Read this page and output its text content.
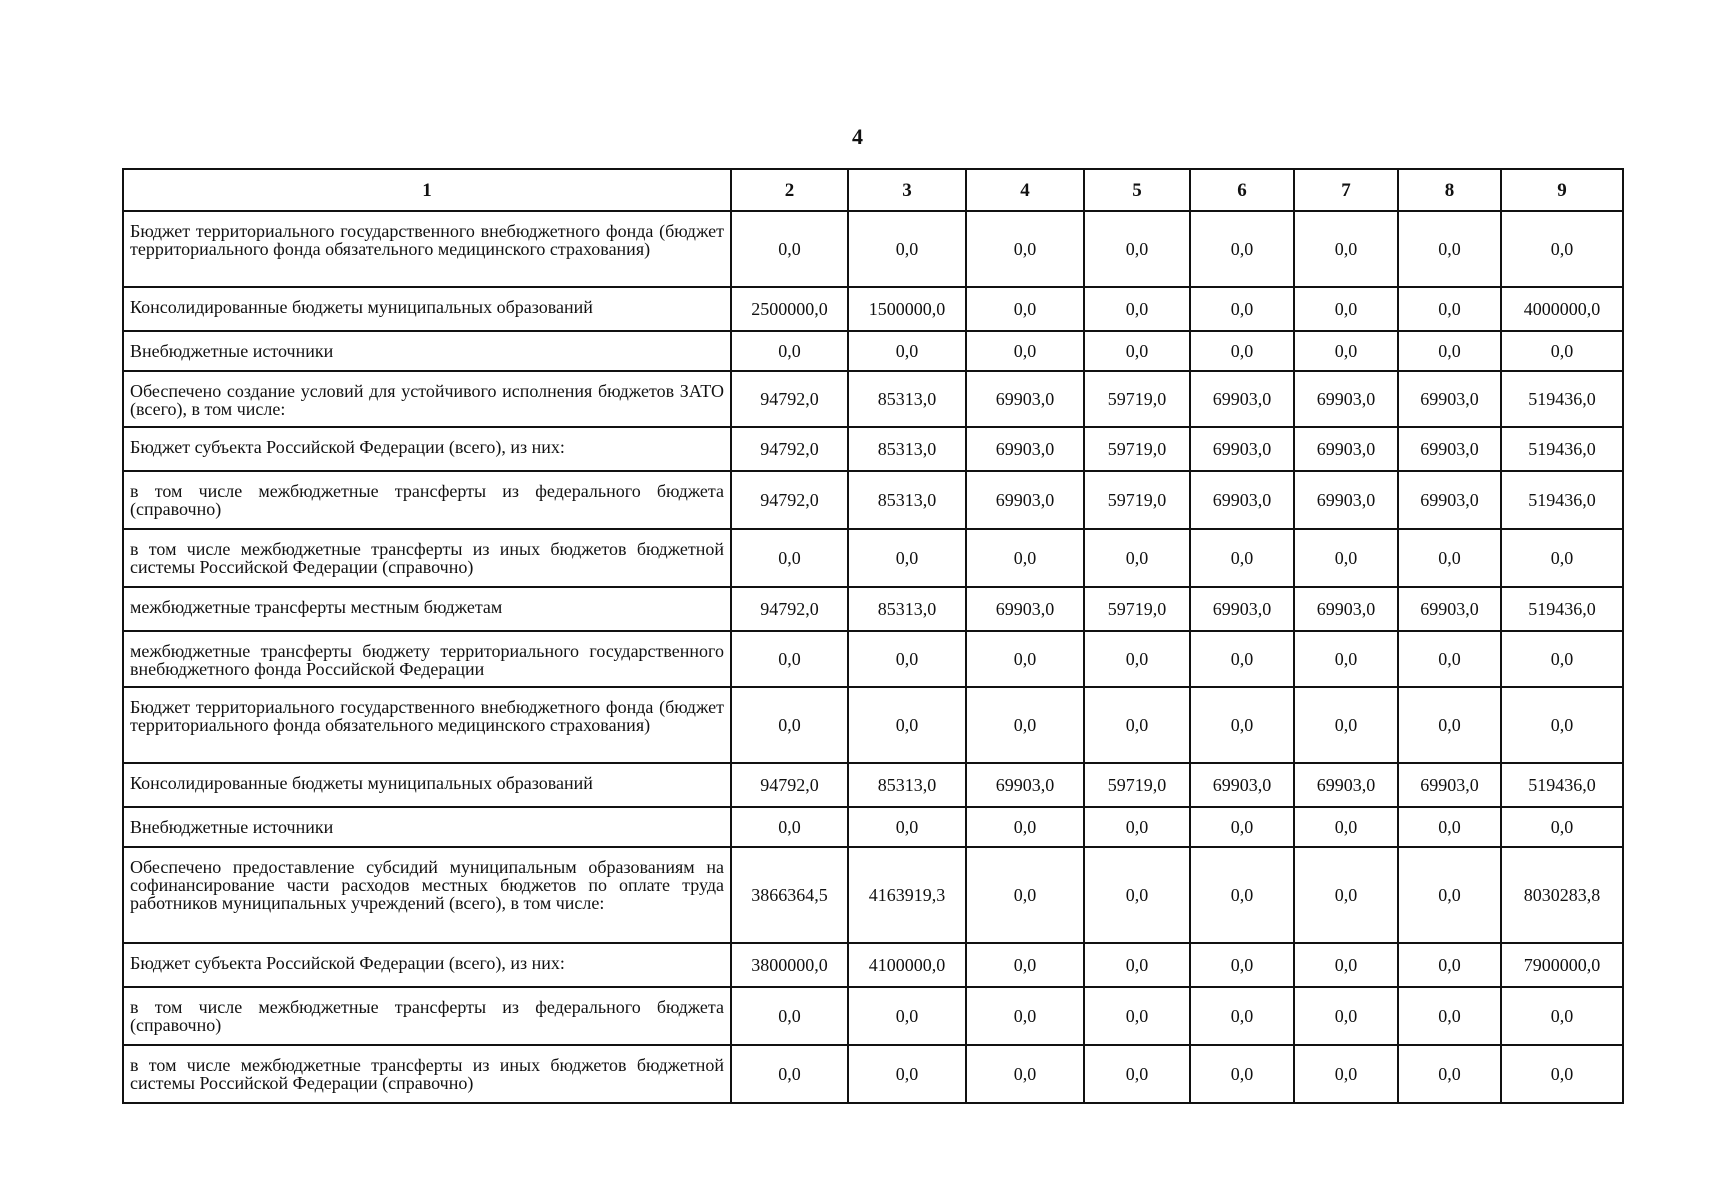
4
1	2	3	4	5	6	7	8	9
Бюджет территориального государственного внебюджетного фонда (бюджет территориального фонда обязательного медицинского страхования)	0,0	0,0	0,0	0,0	0,0	0,0	0,0	0,0
Консолидированные бюджеты муниципальных образований	2500000,0	1500000,0	0,0	0,0	0,0	0,0	0,0	4000000,0
Внебюджетные источники	0,0	0,0	0,0	0,0	0,0	0,0	0,0	0,0
Обеспечено создание условий для устойчивого исполнения бюджетов ЗАТО (всего), в том числе:	94792,0	85313,0	69903,0	59719,0	69903,0	69903,0	69903,0	519436,0
Бюджет субъекта Российской Федерации (всего), из них:	94792,0	85313,0	69903,0	59719,0	69903,0	69903,0	69903,0	519436,0
в том числе межбюджетные трансферты из федерального бюджета (справочно)	94792,0	85313,0	69903,0	59719,0	69903,0	69903,0	69903,0	519436,0
в том числе межбюджетные трансферты из иных бюджетов бюджетной системы Российской Федерации (справочно)	0,0	0,0	0,0	0,0	0,0	0,0	0,0	0,0
межбюджетные трансферты местным бюджетам	94792,0	85313,0	69903,0	59719,0	69903,0	69903,0	69903,0	519436,0
межбюджетные трансферты бюджету территориального государственного внебюджетного фонда Российской Федерации	0,0	0,0	0,0	0,0	0,0	0,0	0,0	0,0
Бюджет территориального государственного внебюджетного фонда (бюджет территориального фонда обязательного медицинского страхования)	0,0	0,0	0,0	0,0	0,0	0,0	0,0	0,0
Консолидированные бюджеты муниципальных образований	94792,0	85313,0	69903,0	59719,0	69903,0	69903,0	69903,0	519436,0
Внебюджетные источники	0,0	0,0	0,0	0,0	0,0	0,0	0,0	0,0
Обеспечено предоставление субсидий муниципальным образованиям на софинансирование части расходов местных бюджетов по оплате труда работников муниципальных учреждений (всего), в том числе:	3866364,5	4163919,3	0,0	0,0	0,0	0,0	0,0	8030283,8
Бюджет субъекта Российской Федерации (всего), из них:	3800000,0	4100000,0	0,0	0,0	0,0	0,0	0,0	7900000,0
в том числе межбюджетные трансферты из федерального бюджета (справочно)	0,0	0,0	0,0	0,0	0,0	0,0	0,0	0,0
в том числе межбюджетные трансферты из иных бюджетов бюджетной системы Российской Федерации (справочно)	0,0	0,0	0,0	0,0	0,0	0,0	0,0	0,0
